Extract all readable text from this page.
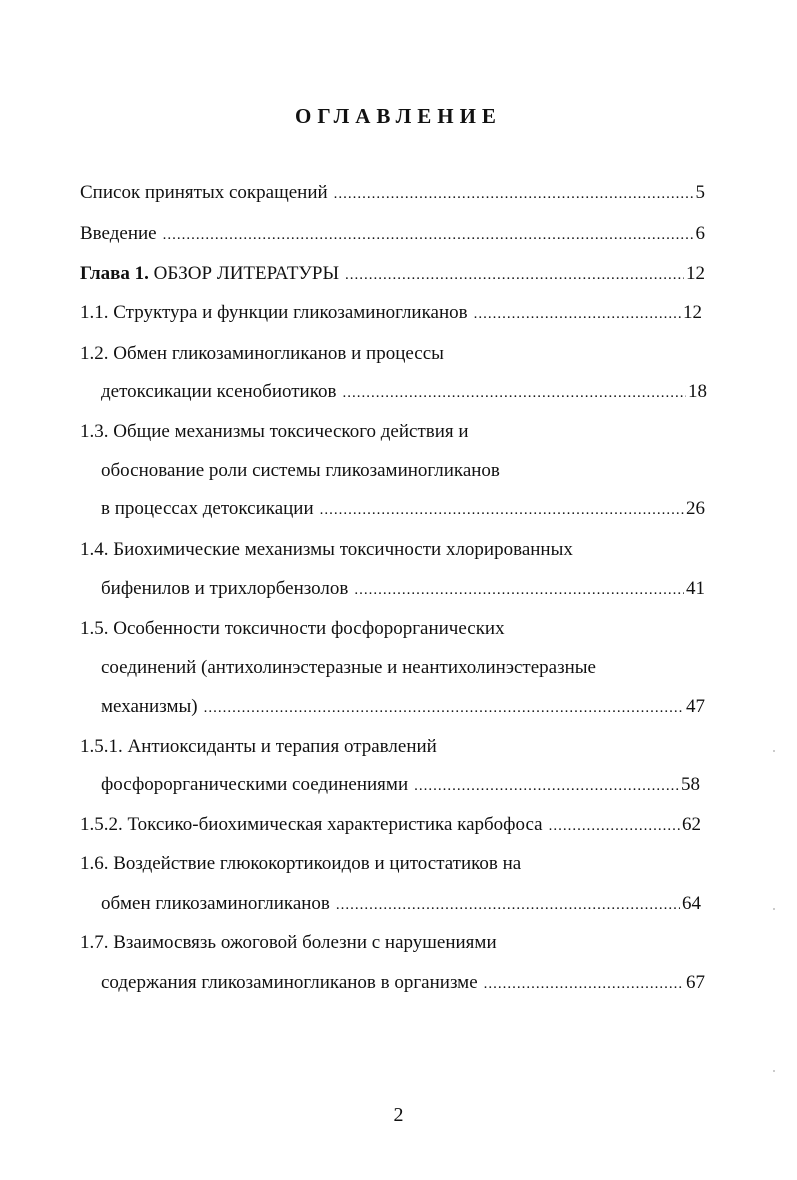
ОГЛАВЛЕНИЕ
Список принятых сокращений .....	5
Введение .....	6
Глава 1.
ОБЗОР ЛИТЕРАТУРЫ .....	12
1.1. Структура и функции гликозаминогликанов .....	12
1.2. Обмен гликозаминогликанов и процессы
детоксикации ксенобиотиков .....	18
1.3. Общие механизмы токсического действия и
обоснование роли системы гликозаминогликанов
в процессах детоксикации .....	26
1.4. Биохимические механизмы токсичности хлорированных
бифенилов и трихлорбензолов .....	41
1.5. Особенности токсичности фосфорорганических
соединений (антихолинэстеразные и неантихолинэстеразные
механизмы) .....	47
1.5.1. Антиоксиданты и терапия отравлений
фосфорорганическими соединениями .....	58
1.5.2. Токсико-биохимическая характеристика карбофоса .....	62
1.6. Воздействие глюкокортикоидов и цитостатиков на
обмен гликозаминогликанов .....	64
1.7. Взаимосвязь ожоговой болезни с нарушениями
содержания гликозаминогликанов в организме .....	67
2
